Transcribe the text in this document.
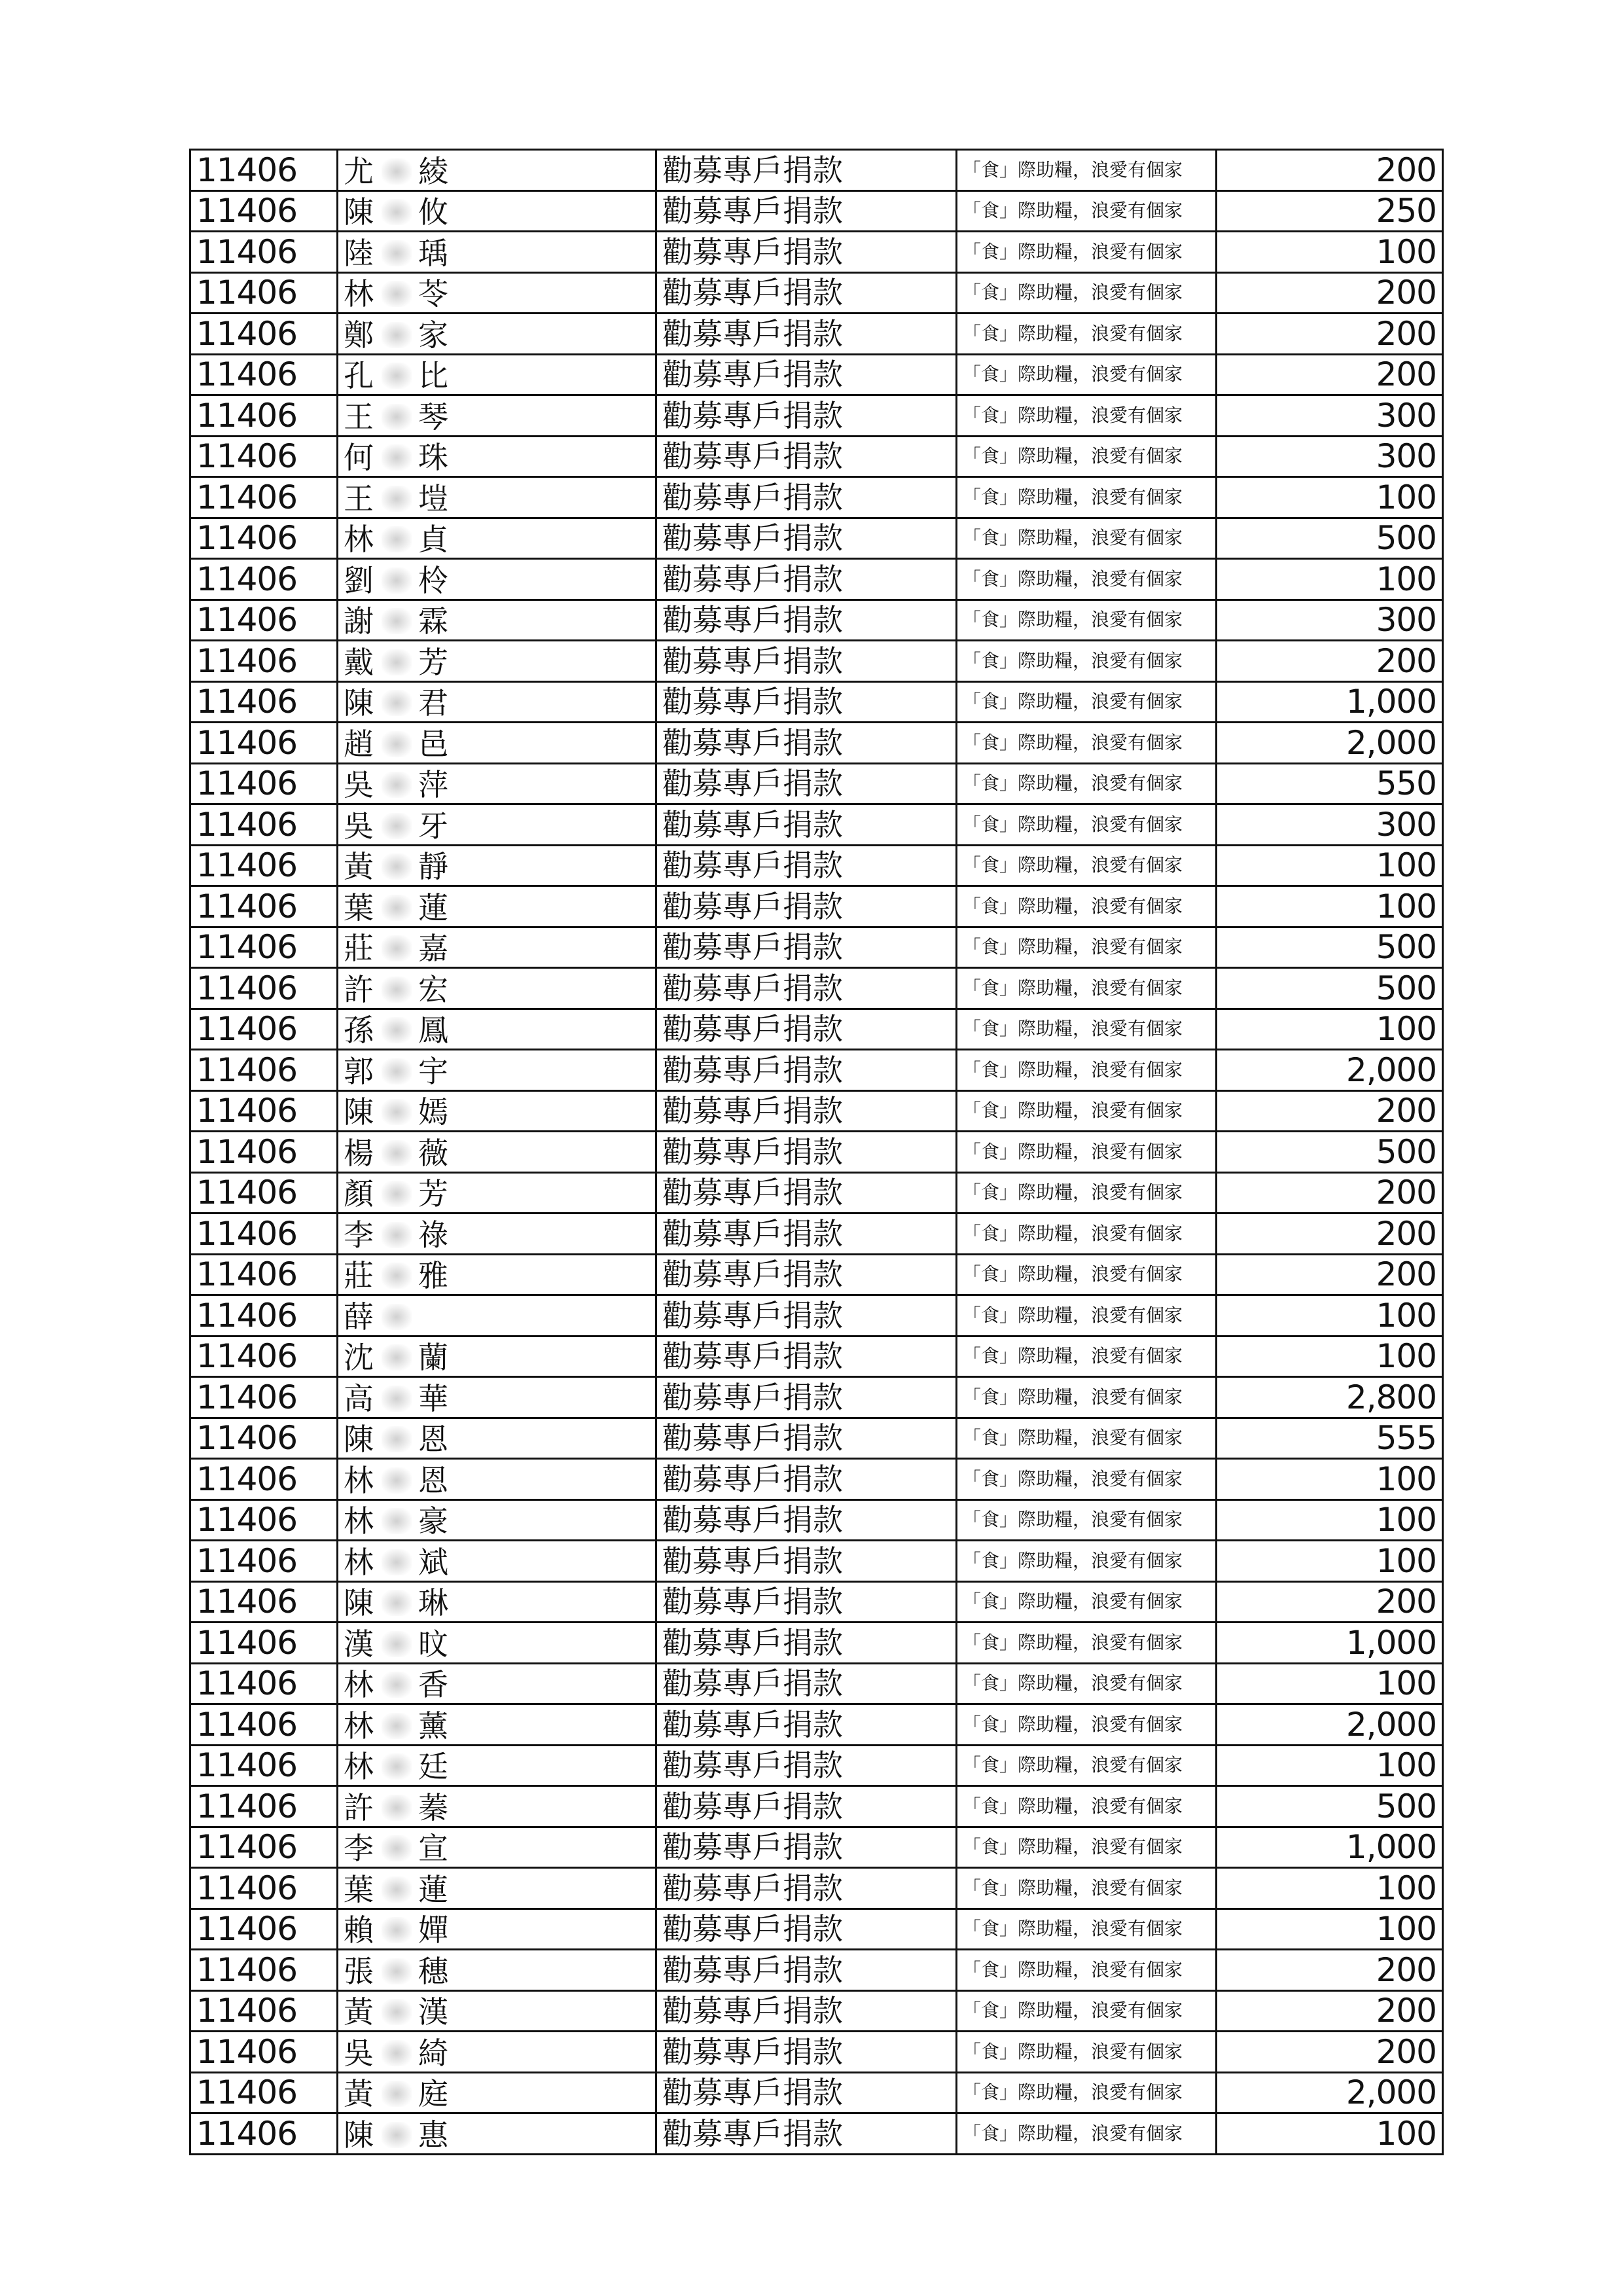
11406	尤 綾	勸募專戶捐款	「食」際助糧，浪愛有個家	200
11406	陳 攸	勸募專戶捐款	「食」際助糧，浪愛有個家	250
11406	陸 瑀	勸募專戶捐款	「食」際助糧，浪愛有個家	100
11406	林 苓	勸募專戶捐款	「食」際助糧，浪愛有個家	200
11406	鄭 家	勸募專戶捐款	「食」際助糧，浪愛有個家	200
11406	孔 比	勸募專戶捐款	「食」際助糧，浪愛有個家	200
11406	王 琴	勸募專戶捐款	「食」際助糧，浪愛有個家	300
11406	何 珠	勸募專戶捐款	「食」際助糧，浪愛有個家	300
11406	王 塏	勸募專戶捐款	「食」際助糧，浪愛有個家	100
11406	林 貞	勸募專戶捐款	「食」際助糧，浪愛有個家	500
11406	劉 柃	勸募專戶捐款	「食」際助糧，浪愛有個家	100
11406	謝 霖	勸募專戶捐款	「食」際助糧，浪愛有個家	300
11406	戴 芳	勸募專戶捐款	「食」際助糧，浪愛有個家	200
11406	陳 君	勸募專戶捐款	「食」際助糧，浪愛有個家	1,000
11406	趙 邑	勸募專戶捐款	「食」際助糧，浪愛有個家	2,000
11406	吳 萍	勸募專戶捐款	「食」際助糧，浪愛有個家	550
11406	吳 牙	勸募專戶捐款	「食」際助糧，浪愛有個家	300
11406	黃 靜	勸募專戶捐款	「食」際助糧，浪愛有個家	100
11406	葉 蓮	勸募專戶捐款	「食」際助糧，浪愛有個家	100
11406	莊 嘉	勸募專戶捐款	「食」際助糧，浪愛有個家	500
11406	許 宏	勸募專戶捐款	「食」際助糧，浪愛有個家	500
11406	孫 鳳	勸募專戶捐款	「食」際助糧，浪愛有個家	100
11406	郭 宇	勸募專戶捐款	「食」際助糧，浪愛有個家	2,000
11406	陳 嫣	勸募專戶捐款	「食」際助糧，浪愛有個家	200
11406	楊 薇	勸募專戶捐款	「食」際助糧，浪愛有個家	500
11406	顏 芳	勸募專戶捐款	「食」際助糧，浪愛有個家	200
11406	李 祿	勸募專戶捐款	「食」際助糧，浪愛有個家	200
11406	莊 雅	勸募專戶捐款	「食」際助糧，浪愛有個家	200
11406	薛	勸募專戶捐款	「食」際助糧，浪愛有個家	100
11406	沈 蘭	勸募專戶捐款	「食」際助糧，浪愛有個家	100
11406	高 華	勸募專戶捐款	「食」際助糧，浪愛有個家	2,800
11406	陳 恩	勸募專戶捐款	「食」際助糧，浪愛有個家	555
11406	林 恩	勸募專戶捐款	「食」際助糧，浪愛有個家	100
11406	林 豪	勸募專戶捐款	「食」際助糧，浪愛有個家	100
11406	林 斌	勸募專戶捐款	「食」際助糧，浪愛有個家	100
11406	陳 琳	勸募專戶捐款	「食」際助糧，浪愛有個家	200
11406	漢 旼	勸募專戶捐款	「食」際助糧，浪愛有個家	1,000
11406	林 香	勸募專戶捐款	「食」際助糧，浪愛有個家	100
11406	林 薰	勸募專戶捐款	「食」際助糧，浪愛有個家	2,000
11406	林 廷	勸募專戶捐款	「食」際助糧，浪愛有個家	100
11406	許 蓁	勸募專戶捐款	「食」際助糧，浪愛有個家	500
11406	李 宣	勸募專戶捐款	「食」際助糧，浪愛有個家	1,000
11406	葉 蓮	勸募專戶捐款	「食」際助糧，浪愛有個家	100
11406	賴 嬋	勸募專戶捐款	「食」際助糧，浪愛有個家	100
11406	張 穗	勸募專戶捐款	「食」際助糧，浪愛有個家	200
11406	黃 漢	勸募專戶捐款	「食」際助糧，浪愛有個家	200
11406	吳 綺	勸募專戶捐款	「食」際助糧，浪愛有個家	200
11406	黃 庭	勸募專戶捐款	「食」際助糧，浪愛有個家	2,000
11406	陳 惠	勸募專戶捐款	「食」際助糧，浪愛有個家	100
